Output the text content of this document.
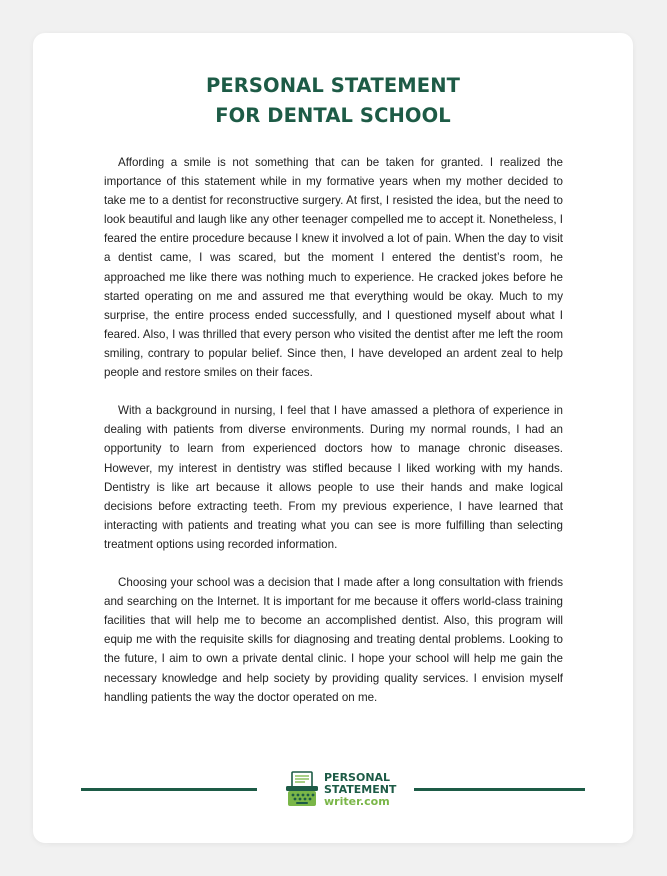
PERSONAL STATEMENT
FOR DENTAL SCHOOL

Affording a smile is not something that can be taken for granted. I realized the importance of this statement while in my formative years when my mother decided to take me to a dentist for reconstructive surgery. At first, I resisted the idea, but the need to look beautiful and laugh like any other teenager compelled me to accept it. Nonetheless, I feared the entire procedure because I knew it involved a lot of pain. When the day to visit a dentist came, I was scared, but the moment I entered the dentist’s room, he approached me like there was nothing much to experience. He cracked jokes before he started operating on me and assured me that everything would be okay. Much to my surprise, the entire process ended successfully, and I questioned myself about what I feared. Also, I was thrilled that every person who visited the dentist after me left the room smiling, contrary to popular belief. Since then, I have developed an ardent zeal to help people and restore smiles on their faces.

With a background in nursing, I feel that I have amassed a plethora of experience in dealing with patients from diverse environments. During my normal rounds, I had an opportunity to learn from experienced doctors how to manage chronic diseases. However, my interest in dentistry was stifled because I liked working with my hands. Dentistry is like art because it allows people to use their hands and make logical decisions before extracting teeth. From my previous experience, I have learned that interacting with patients and treating what you can see is more fulfilling than selecting treatment options using recorded information.

Choosing your school was a decision that I made after a long consultation with friends and searching on the Internet. It is important for me because it offers world-class training facilities that will help me to become an accomplished dentist. Also, this program will equip me with the requisite skills for diagnosing and treating dental problems. Looking to the future, I aim to own a private dental clinic. I hope your school will help me gain the necessary knowledge and help society by providing quality services. I envision myself handling patients the way the doctor operated on me.

PERSONAL
STATEMENT
writer.com
